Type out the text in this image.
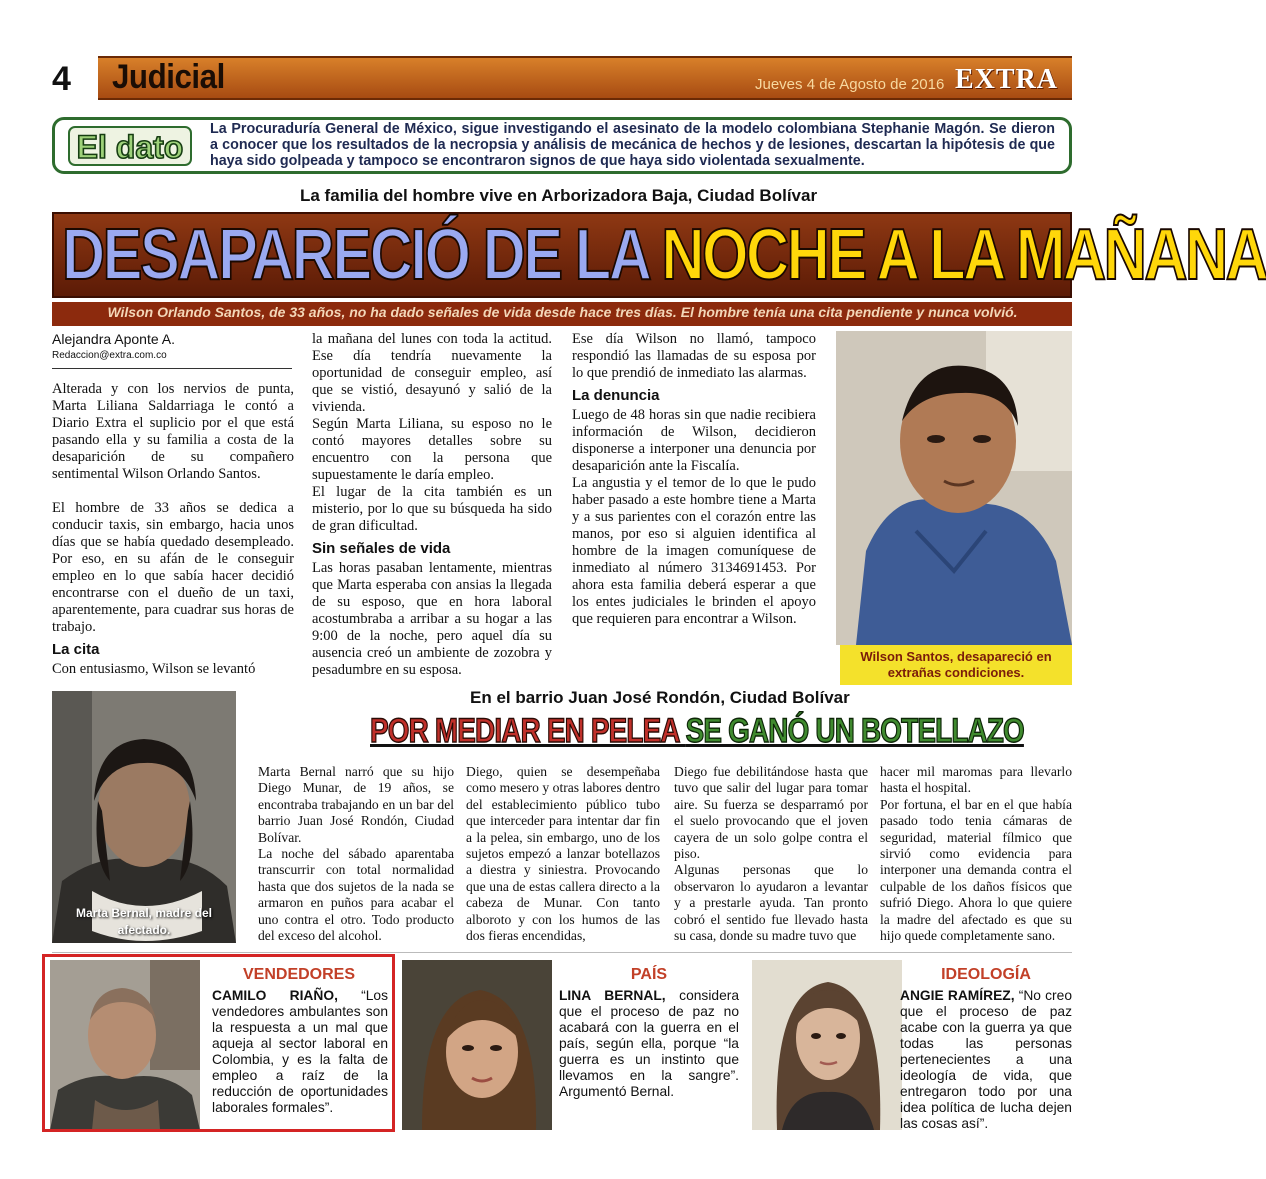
4 Judicial	Jueves 4 de Agosto de 2016 EXTRA
El dato	La Procuraduría General de México, sigue investigando el asesinato de la modelo colombiana Stephanie Magón. Se dieron a conocer que los resultados de la necropsia y análisis de mecánica de hechos y de lesiones, descartan la hipótesis de que haya sido golpeada y tampoco se encontraron signos de que haya sido violentada sexualmente.
La familia del hombre vive en Arborizadora Baja, Ciudad Bolívar
DESAPARECIÓ DE LA NOCHE A LA MAÑANA
Wilson Orlando Santos, de 33 años, no ha dado señales de vida desde hace tres días. El hombre tenía una cita pendiente y nunca volvió.
Alejandra Aponte A.
Redaccion@extra.com.co

Alterada y con los nervios de punta, Marta Liliana Saldarriaga le contó a Diario Extra el suplicio por el que está pasando ella y su familia a costa de la desaparición de su compañero sentimental Wilson Orlando Santos.

El hombre de 33 años se dedica a conducir taxis, sin embargo, hacia unos días que se había quedado desempleado. Por eso, en su afán de le conseguir empleo en lo que sabía hacer decidió encontrarse con el dueño de un taxi, aparentemente, para cuadrar sus horas de trabajo.

La cita

Con entusiasmo, Wilson se levantó

la mañana del lunes con toda la actitud. Ese día tendría nuevamente la oportunidad de conseguir empleo, así que se vistió, desayunó y salió de la vivienda.

Según Marta Liliana, su esposo no le contó mayores detalles sobre su encuentro con la persona que supuestamente le daría empleo.

El lugar de la cita también es un misterio, por lo que su búsqueda ha sido de gran dificultad.

Sin señales de vida

Las horas pasaban lentamente, mientras que Marta esperaba con ansias la llegada de su esposo, que en hora laboral acostumbraba a arribar a su hogar a las 9:00 de la noche, pero aquel día su ausencia creó un ambiente de zozobra y pesadumbre en su esposa.

Ese día Wilson no llamó, tampoco respondió las llamadas de su esposa por lo que prendió de inmediato las alarmas.

La denuncia

Luego de 48 horas sin que nadie recibiera información de Wilson, decidieron disponerse a interponer una denuncia por desaparición ante la Fiscalía.

La angustia y el temor de lo que le pudo haber pasado a este hombre tiene a Marta y a sus parientes con el corazón entre las manos, por eso si alguien identifica al hombre de la imagen comuníquese de inmediato al número 3134691453. Por ahora esta familia deberá esperar a que los entes judiciales le brinden el apoyo que requieren para encontrar a Wilson.

Wilson Santos, desapareció en extrañas condiciones.
Marta Bernal, madre del afectado.
En el barrio Juan José Rondón, Ciudad Bolívar
POR MEDIAR EN PELEA SE GANÓ UN BOTELLAZO

Marta Bernal narró que su hijo Diego Munar, de 19 años, se encontraba trabajando en un bar del barrio Juan José Rondón, Ciudad Bolívar.

La noche del sábado aparentaba transcurrir con total normalidad hasta que dos sujetos de la nada se armaron en puños para acabar el uno contra el otro. Todo producto del exceso del alcohol.

Diego, quien se desempeñaba como mesero y otras labores dentro del establecimiento público tubo que interceder para intentar dar fin a la pelea, sin embargo, uno de los sujetos empezó a lanzar botellazos a diestra y siniestra. Provocando que una de estas callera directo a la cabeza de Munar. Con tanto alboroto y con los humos de las dos fieras encendidas,

Diego fue debilitándose hasta que tuvo que salir del lugar para tomar aire. Su fuerza se desparramó por el suelo provocando que el joven cayera de un solo golpe contra el piso.

Algunas personas que lo observaron lo ayudaron a levantar y a prestarle ayuda. Tan pronto cobró el sentido fue llevado hasta su casa, donde su madre tuvo que

hacer mil maromas para llevarlo hasta el hospital.

Por fortuna, el bar en el que había pasado todo tenia cámaras de seguridad, material fílmico que sirvió como evidencia para interponer una demanda contra el culpable de los daños físicos que sufrió Diego. Ahora lo que quiere la madre del afectado es que su hijo quede completamente sano.

VENDEDORES
CAMILO RIAÑO, “Los vendedores ambulantes son la respuesta a un mal que aqueja al sector laboral en Colombia, y es la falta de empleo a raíz de la reducción de oportunidades laborales formales”.
PAÍS
LINA BERNAL, considera que el proceso de paz no acabará con la guerra en el país, según ella, porque “la guerra es un instinto que llevamos en la sangre”. Argumentó Bernal.
IDEOLOGÍA
ANGIE RAMÍREZ, “No creo que el proceso de paz acabe con la guerra ya que todas las personas pertenecientes a una ideología de vida, que entregaron todo por una idea política de lucha dejen las cosas así”.
